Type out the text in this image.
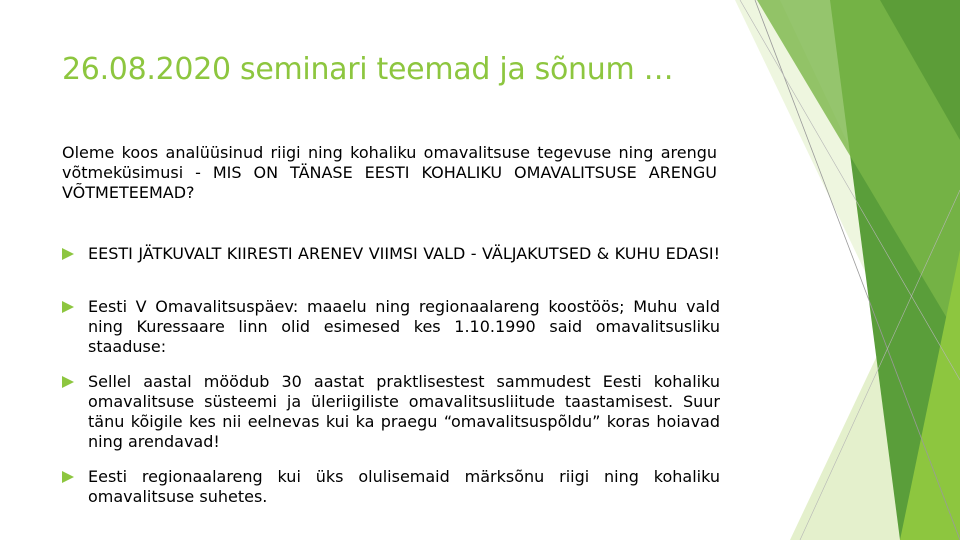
26.08.2020 seminari teemad ja sõnum …
Oleme koos analüüsinud riigi ning kohaliku omavalitsuse tegevuse ning arengu võtmeküsimusi - MIS ON TÄNASE EESTI KOHALIKU OMAVALITSUSE ARENGU VÕTMETEEMAD?
EESTI JÄTKUVALT KIIRESTI ARENEV VIIMSI VALD - VÄLJAKUTSED & KUHU EDASI!
Eesti V Omavalitsuspäev: maaelu ning regionaalareng koostöös; Muhu vald ning Kuressaare linn olid esimesed kes 1.10.1990 said omavalitsusliku staaduse:
Sellel aastal möödub 30 aastat praktlisestest sammudest Eesti kohaliku omavalitsuse süsteemi ja üleriigiliste omavalitsusliitude taastamisest. Suur tänu kõigile kes nii eelnevas kui ka praegu “omavalitsuspõldu” koras hoiavad ning arendavad!
Eesti regionaalareng kui üks olulisemaid märksõnu riigi ning kohaliku omavalitsuse suhetes.
